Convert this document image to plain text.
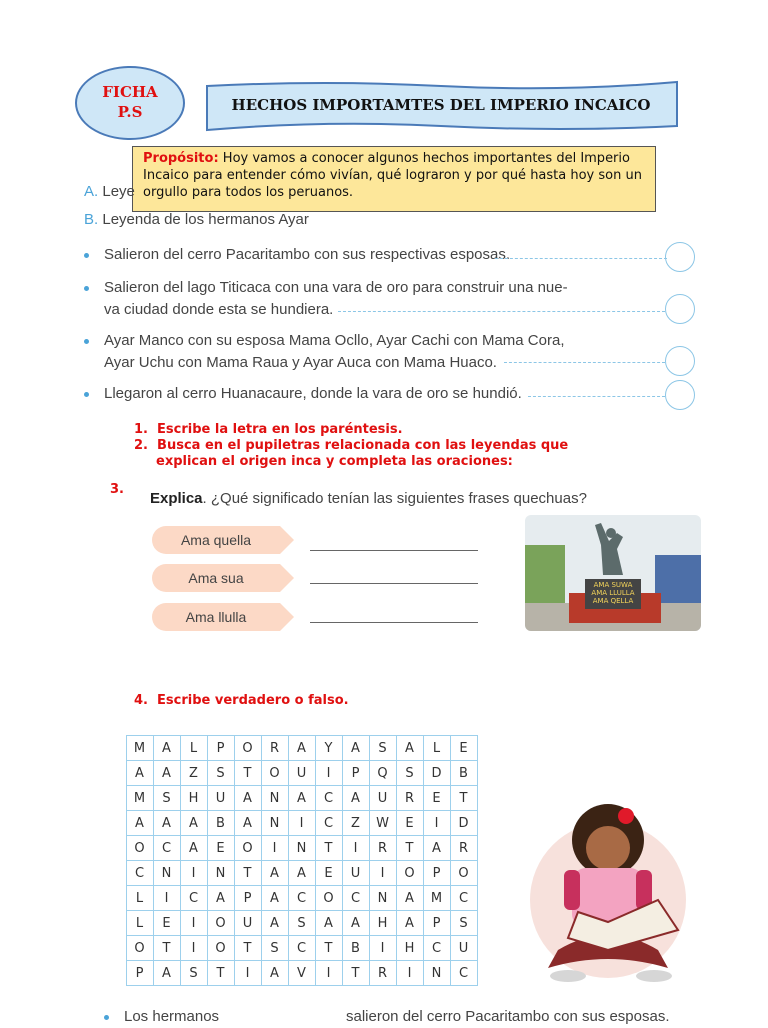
FICHA
P.S	HECHOS IMPORTAMTES DEL IMPERIO INCAICO
Propósito: Hoy vamos a conocer algunos hechos importantes del Imperio Incaico para entender cómo vivían, qué lograron y por qué hasta hoy son un orgullo para todos los peruanos.
A. Leye
B. Leyenda de los hermanos Ayar
Salieron del cerro Pacaritambo con sus respectivas esposas.
Salieron del lago Titicaca con una vara de oro para construir una nue-
va ciudad donde esta se hundiera.
Ayar Manco con su esposa Mama Ocllo, Ayar Cachi con Mama Cora,
Ayar Uchu con Mama Raua y Ayar Auca con Mama Huaco.
Llegaron al cerro Huanacaure, donde la vara de oro se hundió.
1. Escribe la letra en los paréntesis.
2. Busca en el pupiletras relacionada con las leyendas que
explican el origen inca y completa las oraciones:
3.
Explica. ¿Qué significado tenían las siguientes frases quechuas?
Ama quella
Ama sua
Ama llulla
AMA SUWA
AMA LLULLA
AMA QELLA
4. Escribe verdadero o falso.
M	A	L	P	O	R	A	Y	A	S	A	L	E
A	A	Z	S	T	O	U	I	P	Q	S	D	B
M	S	H	U	A	N	A	C	A	U	R	E	T
A	A	A	B	A	N	I	C	Z	W	E	I	D
O	C	A	E	O	I	N	T	I	R	T	A	R
C	N	I	N	T	A	A	E	U	I	O	P	O
L	I	C	A	P	A	C	O	C	N	A	M	C
L	E	I	O	U	A	S	A	A	H	A	P	S
O	T	I	O	T	S	C	T	B	I	H	C	U
P	A	S	T	I	A	V	I	T	R	I	N	C
Los hermanos	salieron del cerro Pacaritambo con sus esposas.
